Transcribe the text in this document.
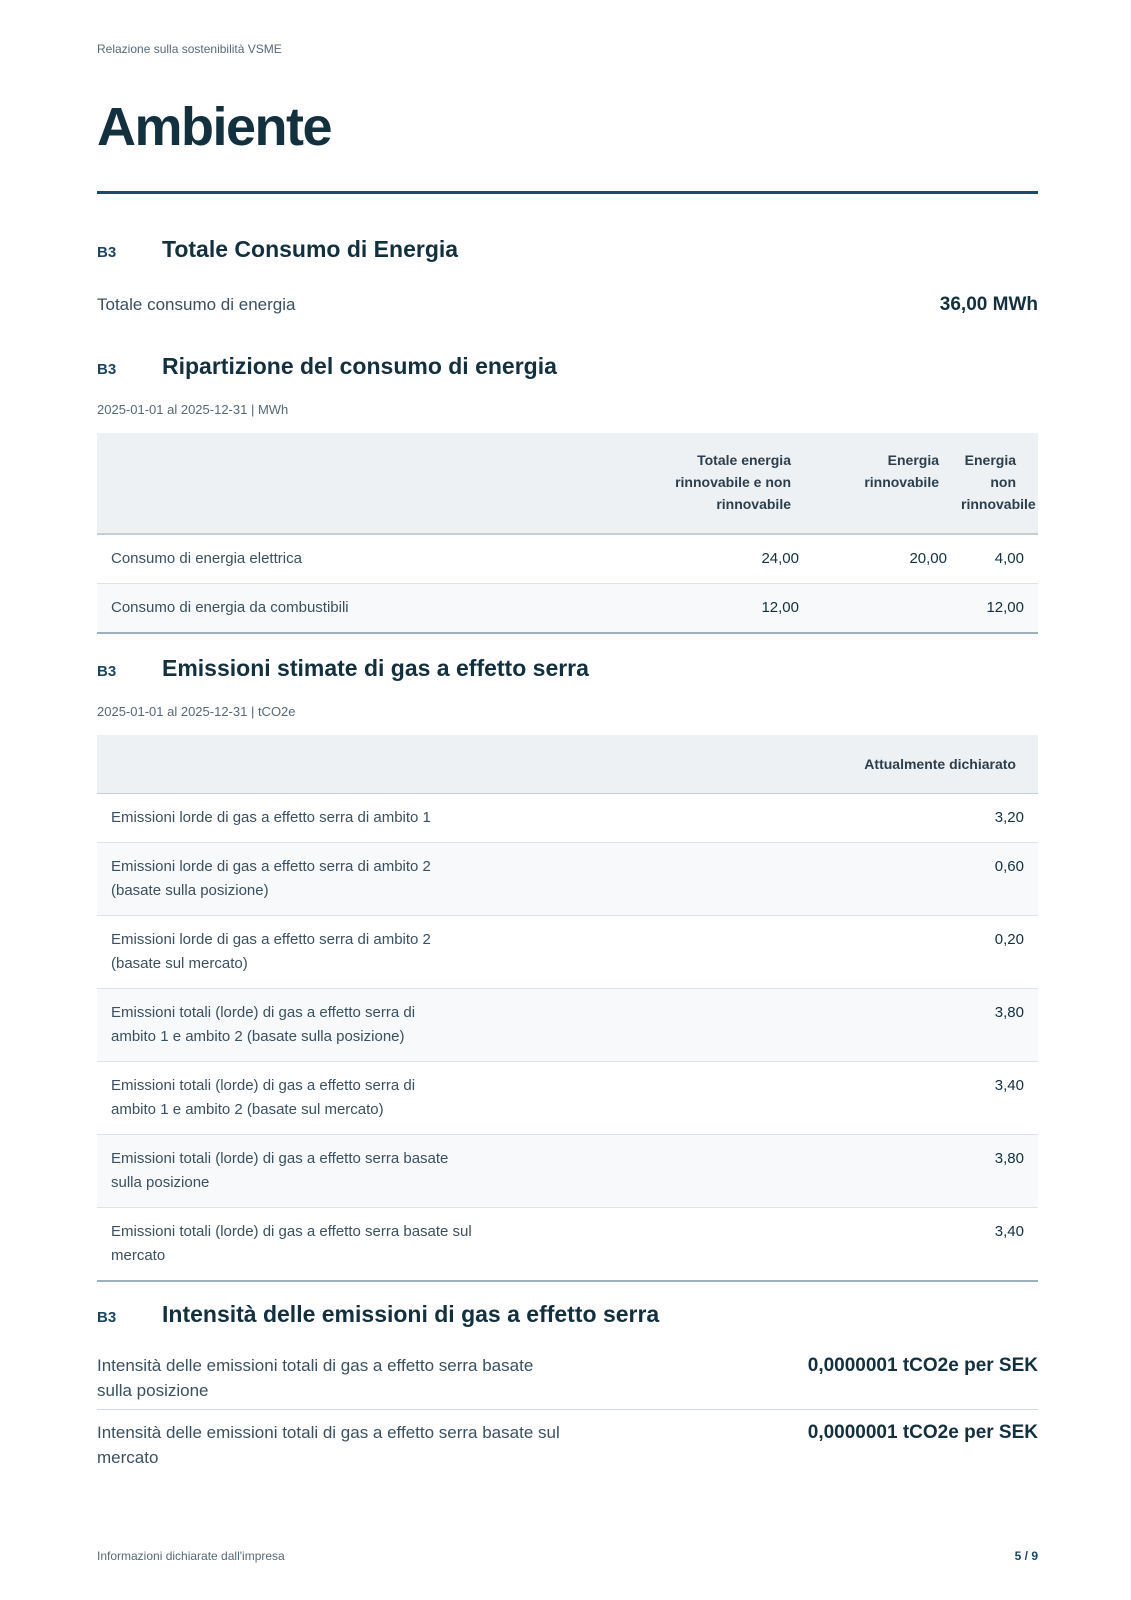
Relazione sulla sostenibilità VSME
Ambiente
B3	Totale Consumo di Energia
Totale consumo di energia	36,00 MWh
B3	Ripartizione del consumo di energia
2025-01-01 al 2025-12-31 | MWh
	Totale energia rinnovabile e non rinnovabile	Energia rinnovabile	Energia non rinnovabile
Consumo di energia elettrica	24,00	20,00	4,00
Consumo di energia da combustibili	12,00		12,00
B3	Emissioni stimate di gas a effetto serra
2025-01-01 al 2025-12-31 | tCO2e
	Attualmente dichiarato

Emissioni lorde di gas a effetto serra di ambito 1	3,20

Emissioni lorde di gas a effetto serra di ambito 2 (basate sulla posizione)	0,60

Emissioni lorde di gas a effetto serra di ambito 2 (basate sul mercato)	0,20

Emissioni totali (lorde) di gas a effetto serra di ambito 1 e ambito 2 (basate sulla posizione)	3,80

Emissioni totali (lorde) di gas a effetto serra di ambito 1 e ambito 2 (basate sul mercato)	3,40

Emissioni totali (lorde) di gas a effetto serra basate sulla posizione	3,80

Emissioni totali (lorde) di gas a effetto serra basate sul mercato	3,40
B3	Intensità delle emissioni di gas a effetto serra
Intensità delle emissioni totali di gas a effetto serra basate sulla posizione
0,0000001 tCO2e per SEK
Intensità delle emissioni totali di gas a effetto serra basate sul mercato
0,0000001 tCO2e per SEK
Informazioni dichiarate dall'impresa	5 / 9
